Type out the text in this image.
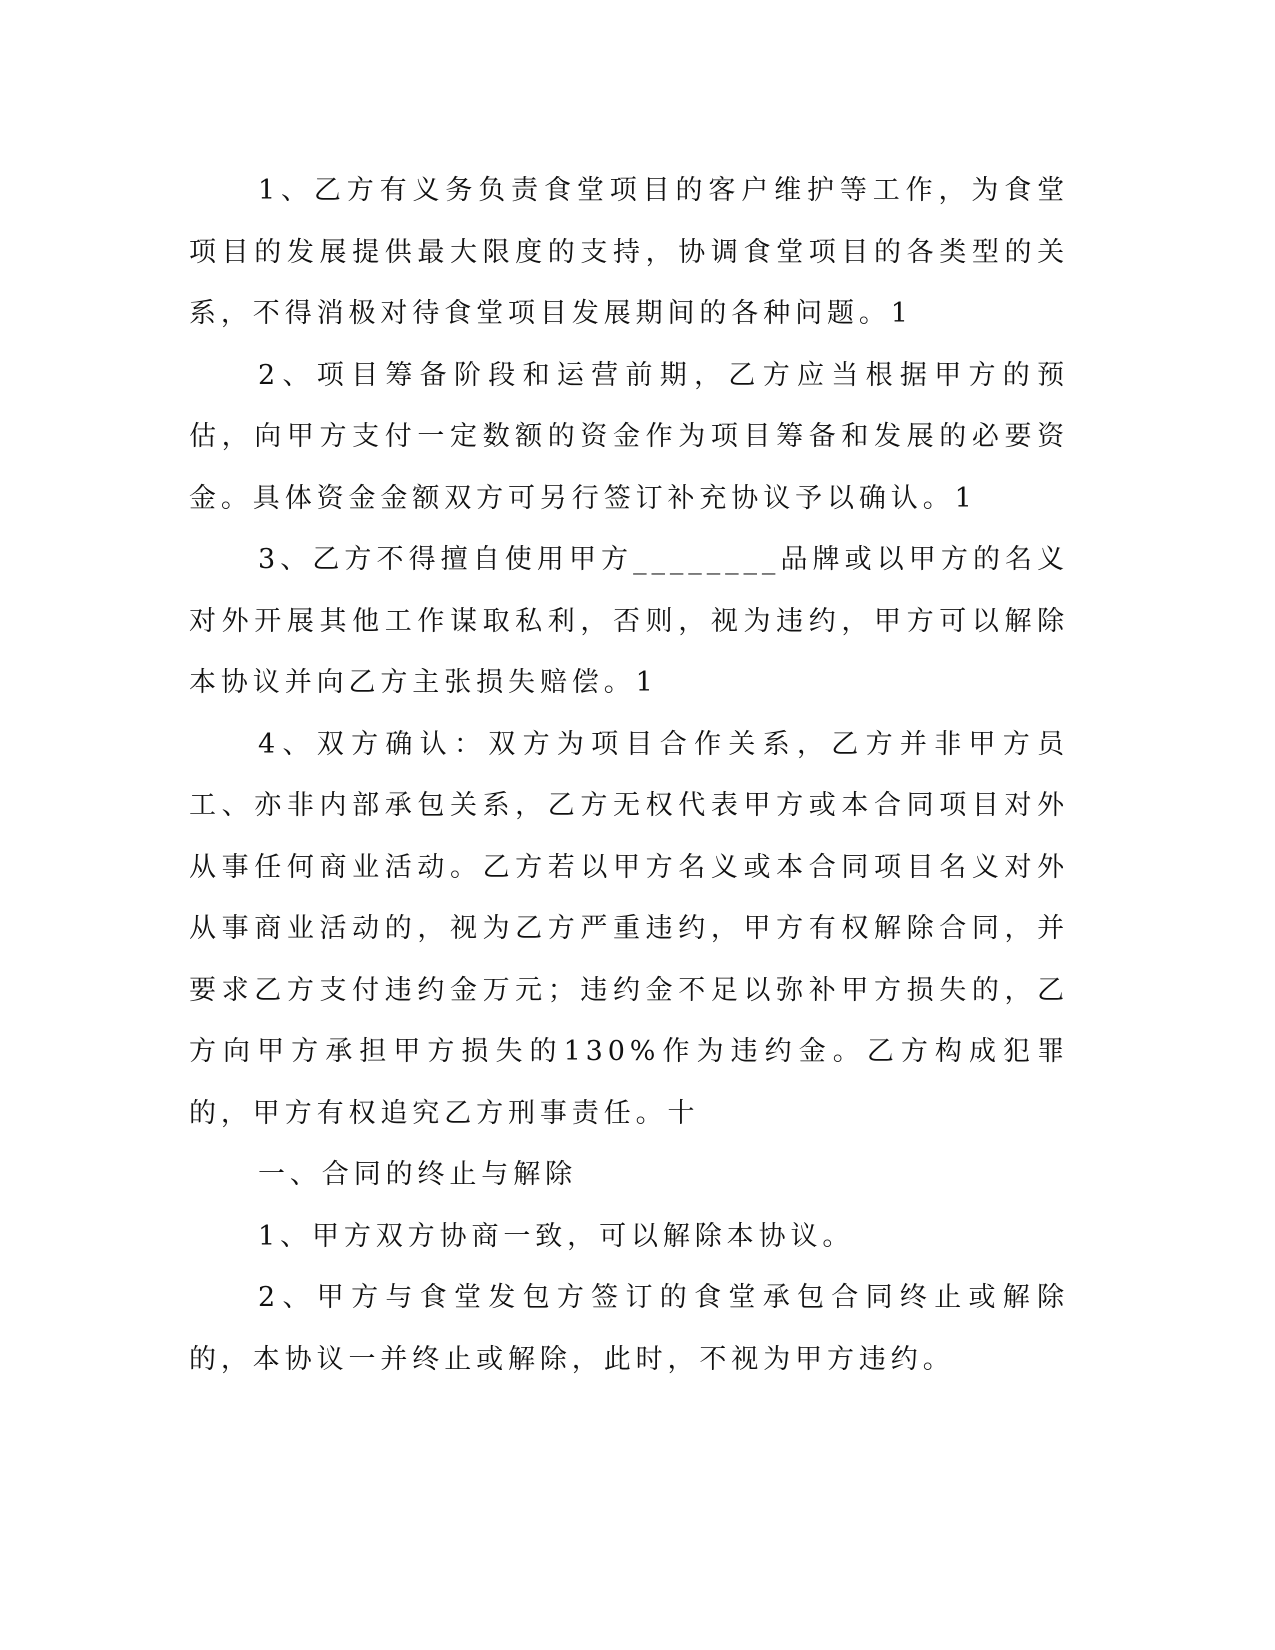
1、乙方有义务负责食堂项目的客户维护等工作，为食堂项目的发展提供最大限度的支持，协调食堂项目的各类型的关系，不得消极对待食堂项目发展期间的各种问题。1

2、项目筹备阶段和运营前期，乙方应当根据甲方的预估，向甲方支付一定数额的资金作为项目筹备和发展的必要资金。具体资金金额双方可另行签订补充协议予以确认。1

3、乙方不得擅自使用甲方________品牌或以甲方的名义对外开展其他工作谋取私利，否则，视为违约，甲方可以解除本协议并向乙方主张损失赔偿。1

4、双方确认：双方为项目合作关系，乙方并非甲方员工、亦非内部承包关系，乙方无权代表甲方或本合同项目对外从事任何商业活动。乙方若以甲方名义或本合同项目名义对外从事商业活动的，视为乙方严重违约，甲方有权解除合同，并要求乙方支付违约金万元；违约金不足以弥补甲方损失的，乙方向甲方承担甲方损失的130%作为违约金。乙方构成犯罪的，甲方有权追究乙方刑事责任。十

一、合同的终止与解除

1、甲方双方协商一致，可以解除本协议。

2、甲方与食堂发包方签订的食堂承包合同终止或解除的，本协议一并终止或解除，此时，不视为甲方违约。
